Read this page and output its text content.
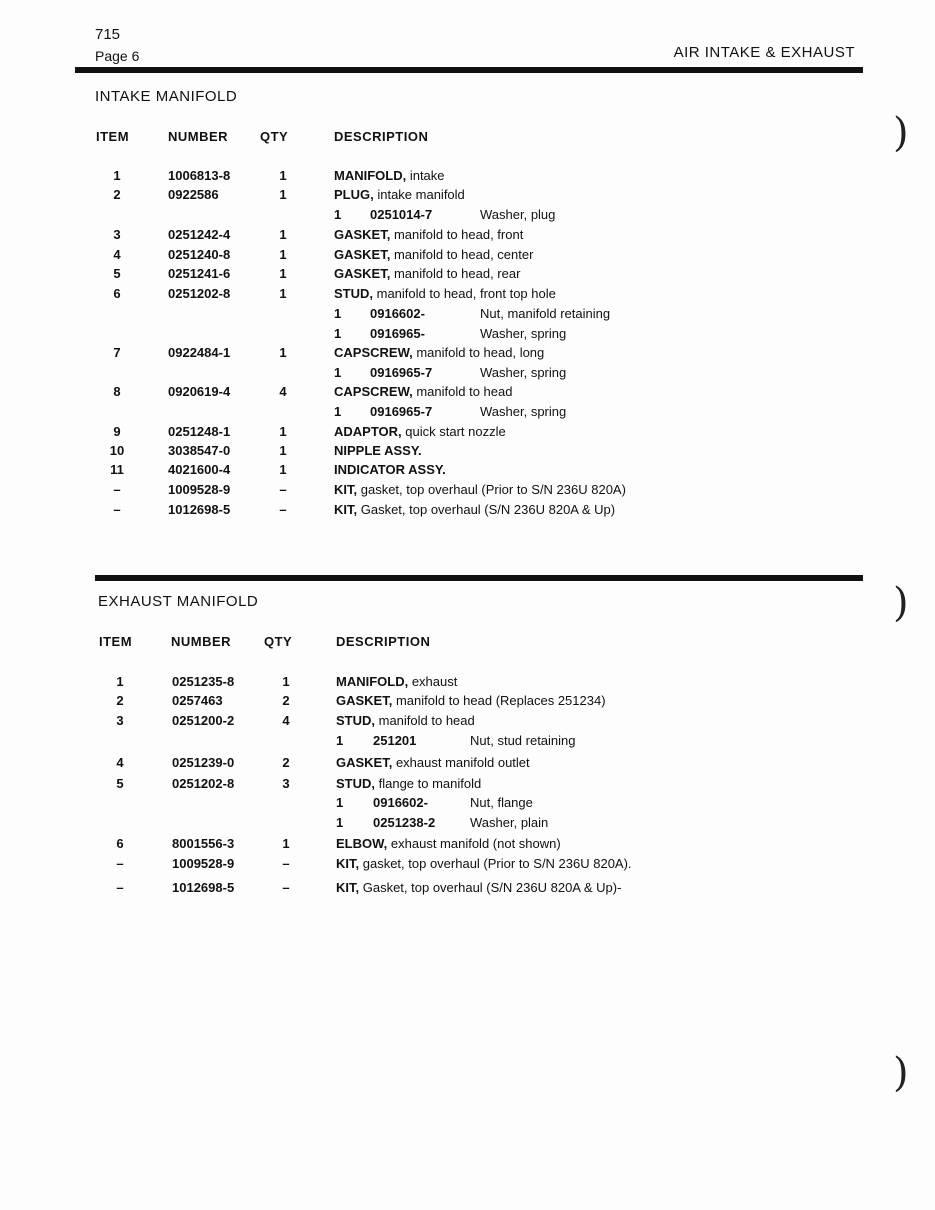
715
Page 6	AIR INTAKE & EXHAUST
INTAKE MANIFOLD
ITEM	NUMBER QTY	DESCRIPTION
1	1006813-8	1	MANIFOLD, intake
2	0922586	1	PLUG, intake manifold
1 0251014-7	Washer, plug
3	0251242-4	1	GASKET, manifold to head, front
4	0251240-8	1	GASKET, manifold to head, center
5	0251241-6	1	GASKET, manifold to head, rear
6	0251202-8	1	STUD, manifold to head, front top hole
1 0916602-	Nut, manifold retaining
1 0916965-	Washer, spring
7	0922484-1	1	CAPSCREW, manifold to head, long
1 0916965-7	Washer, spring
8	0920619-4	4	CAPSCREW, manifold to head
1 0916965-7	Washer, spring
9	0251248-1	1	ADAPTOR, quick start nozzle
10	3038547-0	1	NIPPLE ASSY.
11	4021600-4	1	INDICATOR ASSY.
–	1009528-9	–	KIT, gasket, top overhaul (Prior to S/N 236U 820A)
–	1012698-5	–	KIT, Gasket, top overhaul (S/N 236U 820A & Up)
EXHAUST MANIFOLD
ITEM	NUMBER	QTY	DESCRIPTION
1	0251235-8	1	MANIFOLD, exhaust
2	0257463	2	GASKET, manifold to head (Replaces 251234)
3	0251200-2	4	STUD, manifold to head
1 251201	Nut, stud retaining
4	0251239-0	2	GASKET, exhaust manifold outlet
5	0251202-8	3	STUD, flange to manifold
1 0916602-	Nut, flange
1 0251238-2	Washer, plain
6	8001556-3	1	ELBOW, exhaust manifold (not shown)
–	1009528-9	–	KIT, gasket, top overhaul (Prior to S/N 236U 820A).
–	1012698-5	–	KIT, Gasket, top overhaul (S/N 236U 820A & Up)-
)
)
)
